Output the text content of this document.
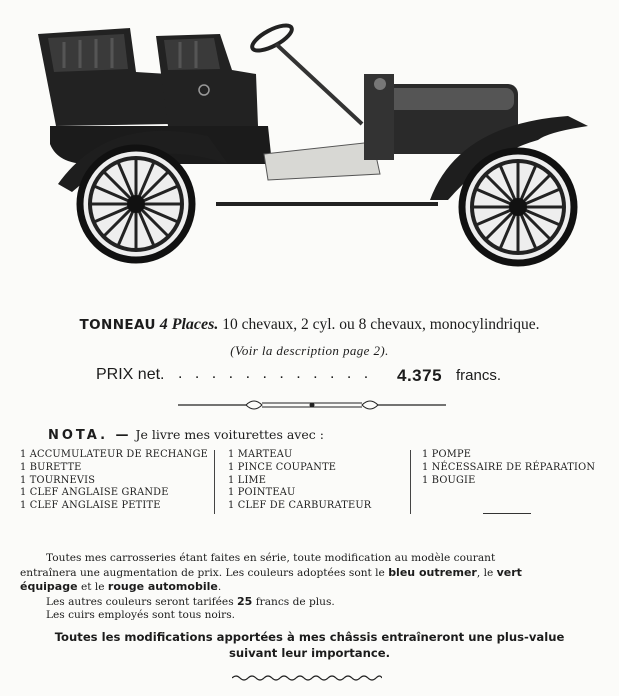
TONNEAU 4 Places. 10 chevaux, 2 cyl. ou 8 chevaux, monocylindrique.
(Voir la description page 2).
PRIX net. . . . . . . . . . . . . 4.375 francs.
NOTA. — Je livre mes voiturettes avec :
1 ACCUMULATEUR DE RECHANGE
1 BURETTE
1 TOURNEVIS
1 CLEF ANGLAISE GRANDE
1 CLEF ANGLAISE PETITE
1 MARTEAU
1 PINCE COUPANTE
1 LIME
1 POINTEAU
1 CLEF DE CARBURATEUR
1 POMPE
1 NÉCESSAIRE DE RÉPARATION
1 BOUGIE
Toutes mes carrosseries étant faites en série, toute modification au modèle courant
entraînera une augmentation de prix. Les couleurs adoptées sont le bleu outremer, le vert
équipage et le rouge automobile.
Les autres couleurs seront tarifées 25 francs de plus.
Les cuirs employés sont tous noirs.
Toutes les modifications apportées à mes châssis entraîneront une plus-value
suivant leur importance.
